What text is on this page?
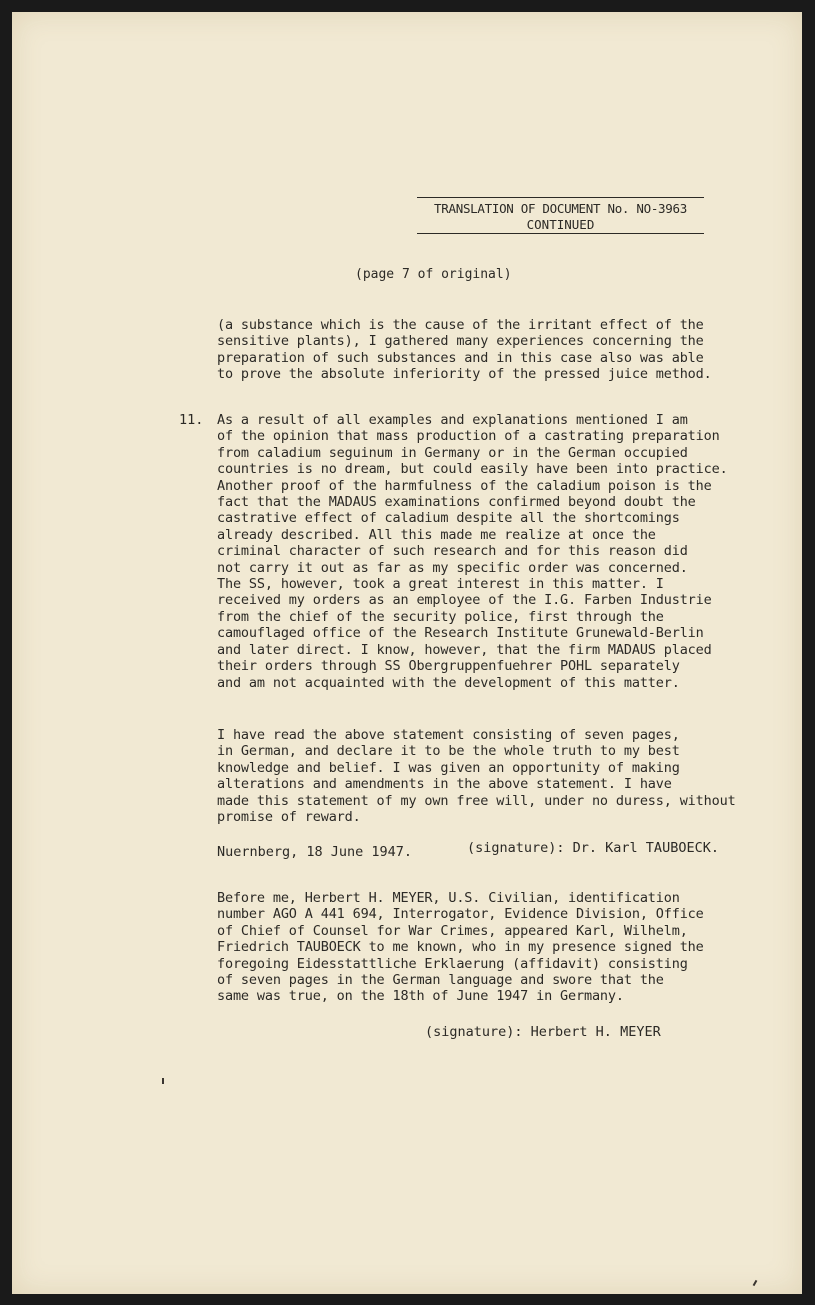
TRANSLATION OF DOCUMENT No. NO-3963
CONTINUED
(page 7 of original)

(a substance which is the cause of the irritant effect of the
sensitive plants), I gathered many experiences concerning the
preparation of such substances and in this case also was able
to prove the absolute inferiority of the pressed juice method.

11. As a result of all examples and explanations mentioned I am
of the opinion that mass production of a castrating preparation
from caladium seguinum in Germany or in the German occupied
countries is no dream, but could easily have been into practice.
Another proof of the harmfulness of the caladium poison is the
fact that the MADAUS examinations confirmed beyond doubt the
castrative effect of caladium despite all the shortcomings
already described. All this made me realize at once the
criminal character of such research and for this reason did
not carry it out as far as my specific order was concerned.
The SS, however, took a great interest in this matter. I
received my orders as an employee of the I.G. Farben Industrie
from the chief of the security police, first through the
camouflaged office of the Research Institute Grunewald-Berlin
and later direct. I know, however, that the firm MADAUS placed
their orders through SS Obergruppenfuehrer POHL separately
and am not acquainted with the development of this matter.

I have read the above statement consisting of seven pages,
in German, and declare it to be the whole truth to my best
knowledge and belief. I was given an opportunity of making
alterations and amendments in the above statement. I have
made this statement of my own free will, under no duress, without
promise of reward.

Nuernberg, 18 June 1947.	(signature): Dr. Karl TAUBOECK.

Before me, Herbert H. MEYER, U.S. Civilian, identification
number AGO A 441 694, Interrogator, Evidence Division, Office
of Chief of Counsel for War Crimes, appeared Karl, Wilhelm,
Friedrich TAUBOECK to me known, who in my presence signed the
foregoing Eidesstattliche Erklaerung (affidavit) consisting
of seven pages in the German language and swore that the
same was true, on the 18th of June 1947 in Germany.

(signature): Herbert H. MEYER
